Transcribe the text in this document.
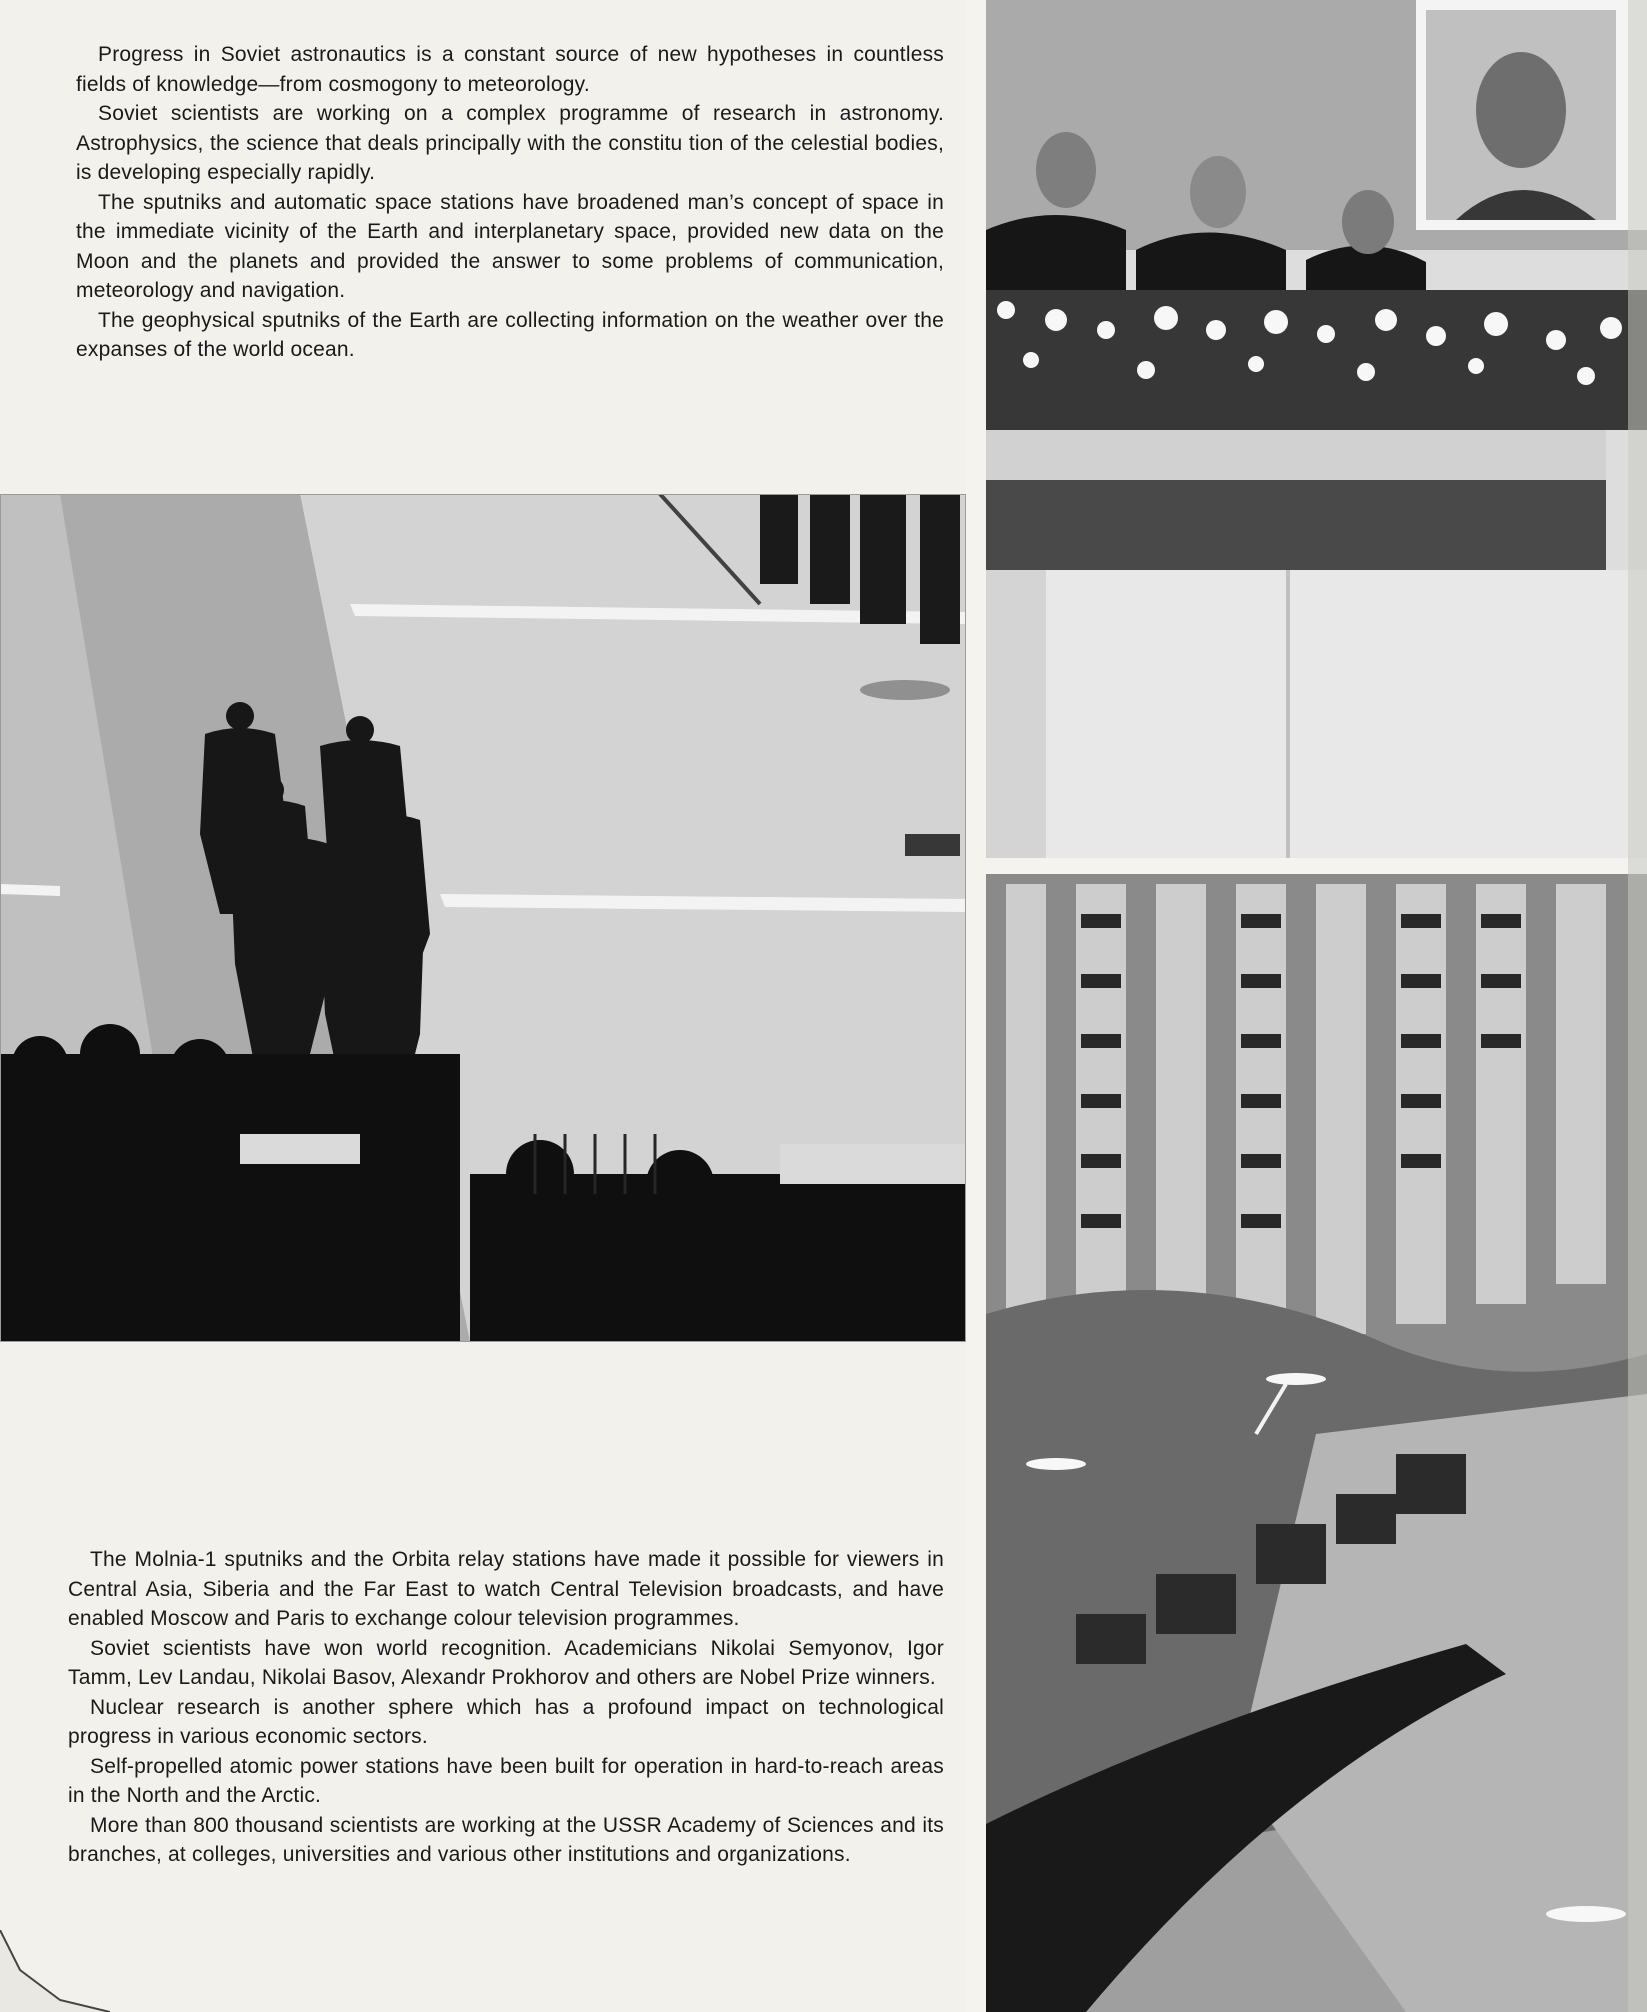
Progress in Soviet astronautics is a constant source of new hypotheses in countless fields of knowledge—from cosmogony to meteorology.

Soviet scientists are working on a complex programme of research in astronomy. Astrophysics, the science that deals principally with the constitu tion of the celestial bodies, is developing especially rapidly.

The sputniks and automatic space stations have broadened man’s concept of space in the immediate vicinity of the Earth and interplanetary space, provided new data on the Moon and the planets and provided the answer to some problems of communication, meteorology and navigation.

The geophysical sputniks of the Earth are collecting information on the weather over the expanses of the world ocean.

The Molnia-1 sputniks and the Orbita relay stations have made it possible for viewers in Central Asia, Siberia and the Far East to watch Central Television broadcasts, and have enabled Moscow and Paris to exchange colour television programmes.

Soviet scientists have won world recognition. Academicians Nikolai Semyonov, Igor Tamm, Lev Landau, Nikolai Basov, Alexandr Prokhorov and others are Nobel Prize winners.

Nuclear research is another sphere which has a profound impact on technological progress in various economic sectors.

Self-propelled atomic power stations have been built for operation in hard-to-reach areas in the North and the Arctic.

More than 800 thousand scientists are working at the USSR Academy of Sciences and its branches, at colleges, universities and various other institutions and organizations.
